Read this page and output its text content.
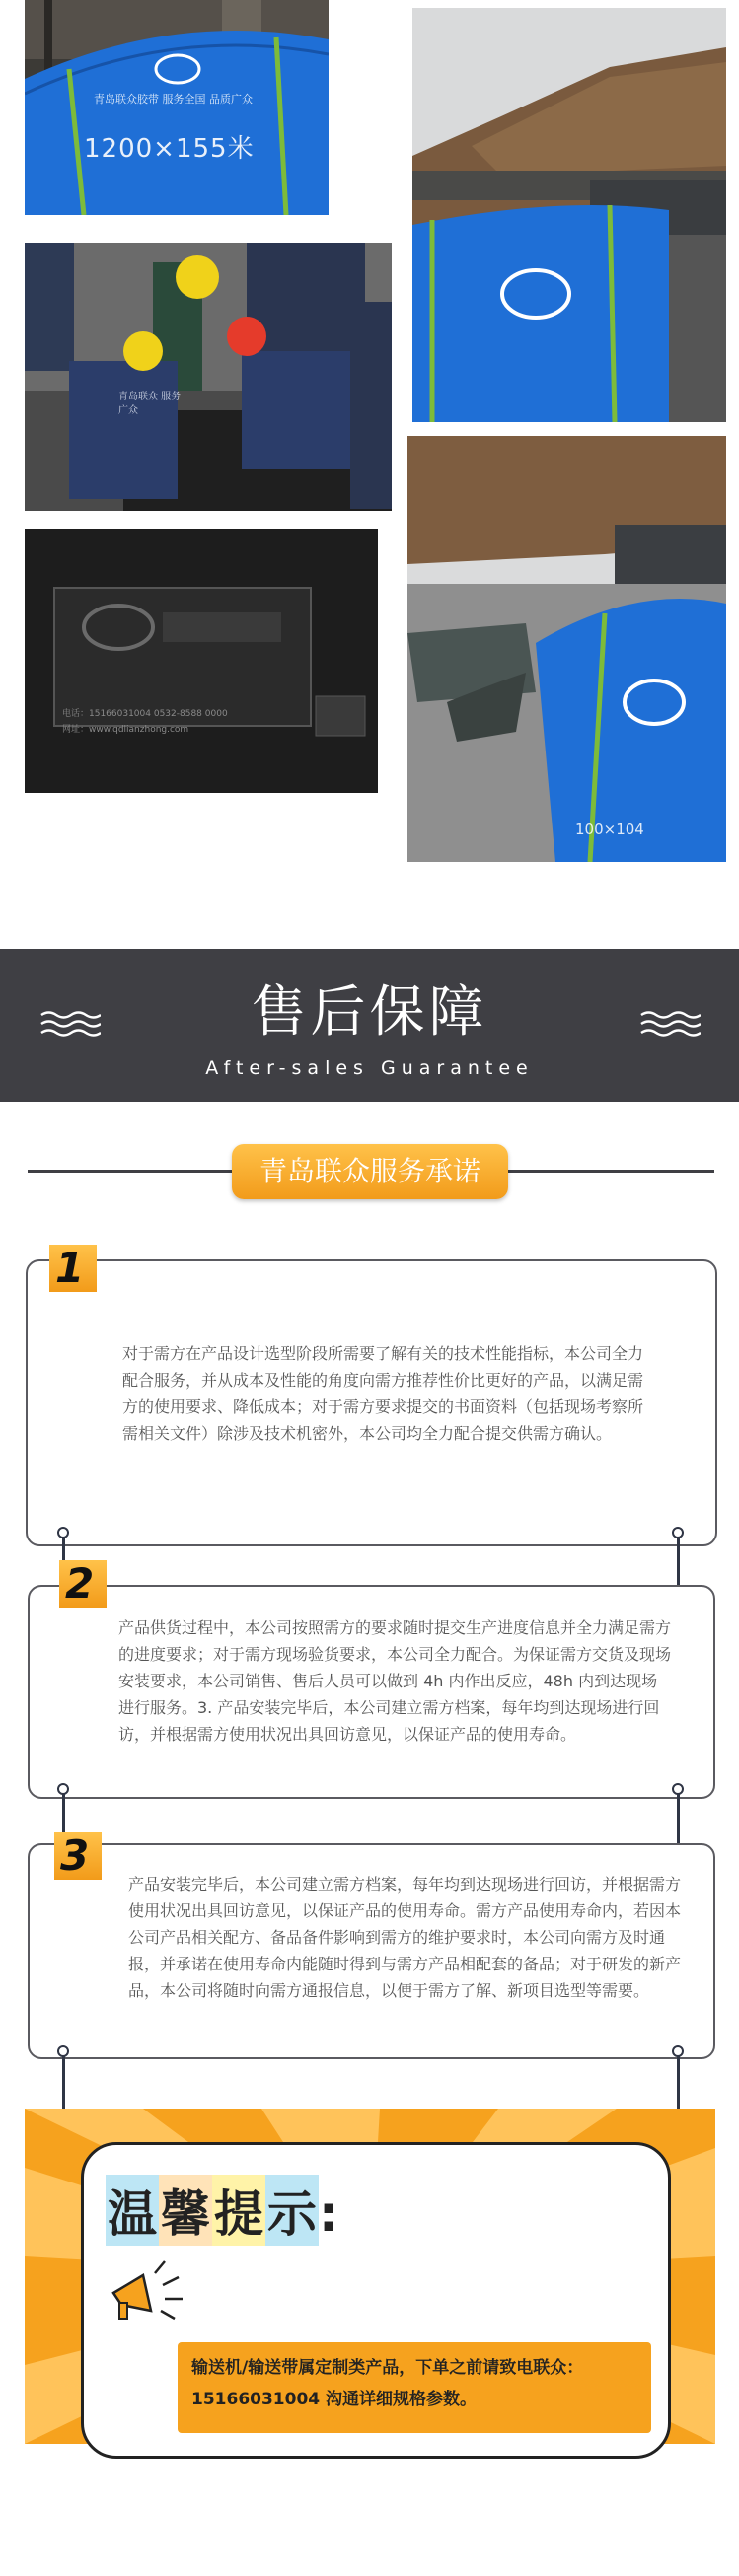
青岛联众胶带 服务全国 品质广众
1200×155米
青岛联众 服务广众
电话：15166031004 0532-8588 0000
网址：www.qdlianzhong.com
100×104
售后保障
After-sales Guarantee
青岛联众服务承诺
对于需方在产品设计选型阶段所需要了解有关的技术性能指标，本公司全力配合服务，并从成本及性能的角度向需方推荐性价比更好的产品，以满足需方的使用要求、降低成本；对于需方要求提交的书面资料（包括现场考察所需相关文件）除涉及技术机密外，本公司均全力配合提交供需方确认。
1
产品供货过程中，本公司按照需方的要求随时提交生产进度信息并全力满足需方的进度要求；对于需方现场验货要求，本公司全力配合。为保证需方交货及现场安装要求，本公司销售、售后人员可以做到 4h 内作出反应，48h 内到达现场进行服务。3. 产品安装完毕后，本公司建立需方档案，每年均到达现场进行回访，并根据需方使用状况出具回访意见，以保证产品的使用寿命。
2
产品安装完毕后，本公司建立需方档案，每年均到达现场进行回访，并根据需方使用状况出具回访意见，以保证产品的使用寿命。需方产品使用寿命内，若因本公司产品相关配方、备品备件影响到需方的维护要求时，本公司向需方及时通报，并承诺在使用寿命内能随时得到与需方产品相配套的备品；对于研发的新产品，本公司将随时向需方通报信息，以便于需方了解、新项目选型等需要。
3
温馨提示:
输送机/输送带属定制类产品，下单之前请致电联众：15166031004 沟通详细规格参数。
